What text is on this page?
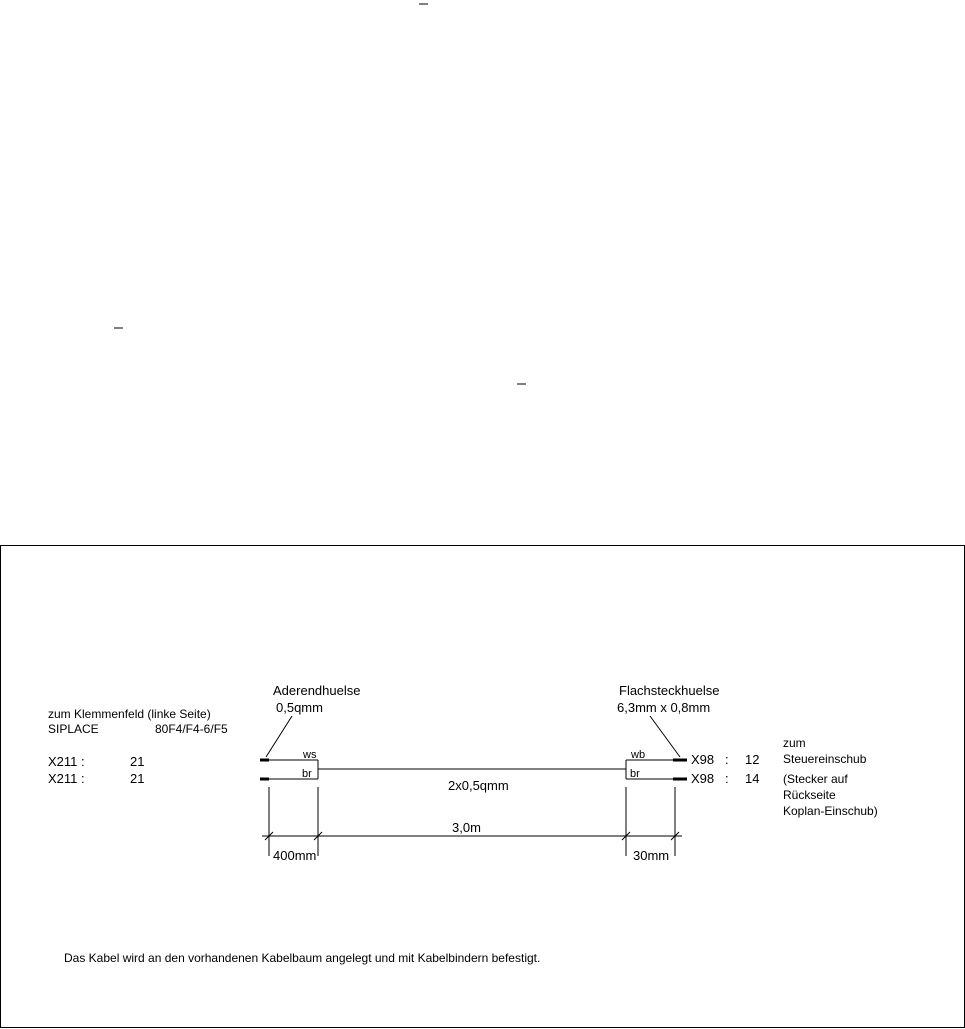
zum Klemmenfeld (linke Seite)
SIPLACE	80F4/F4-6/F5
X211 :	21
X211 :	21
Aderendhuelse
0,5qmm
Flachsteckhuelse
6,3mm x 0,8mm
ws
br
wb
br
2x0,5qmm
X98 : 12
X98 : 14
zum
Steuereinschub
(Stecker auf
Rückseite
Koplan-Einschub)
3,0m
400mm	30mm
Das Kabel wird an den vorhandenen Kabelbaum angelegt und mit Kabelbindern befestigt.
